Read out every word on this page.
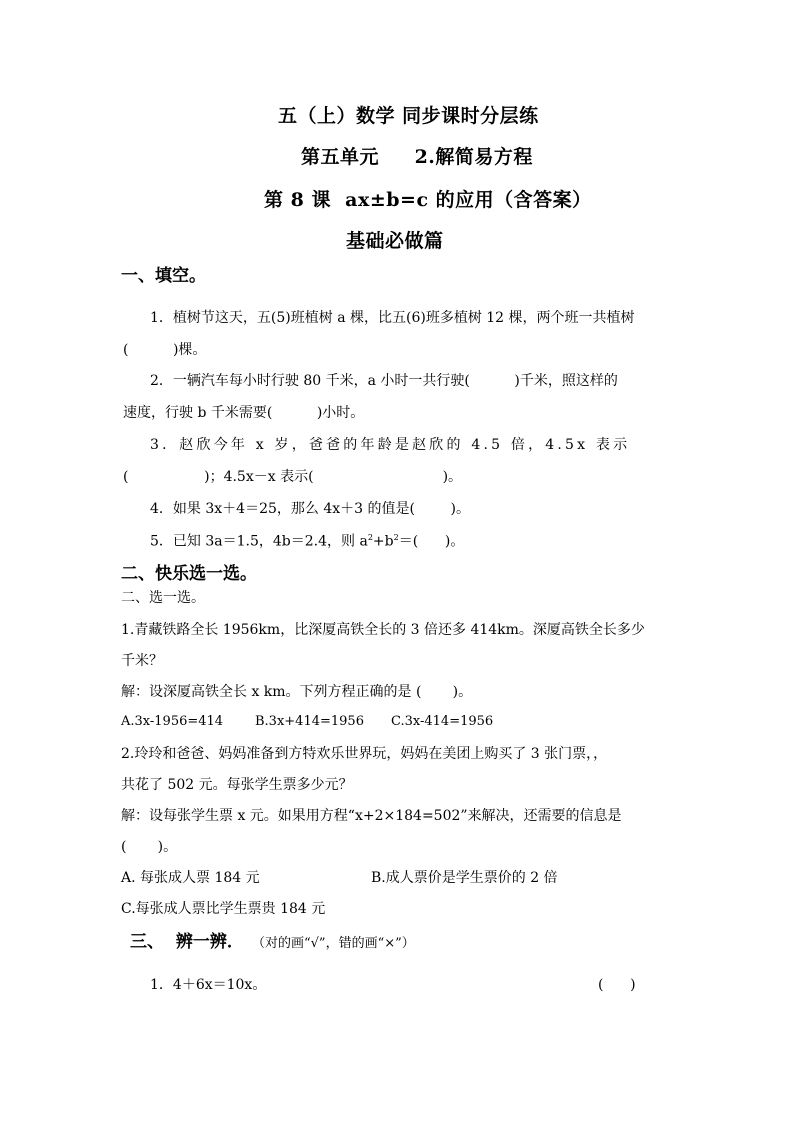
五（上）数学 同步课时分层练
第五单元     2.解简易方程
第 8 课  ax±b=c 的应用（含答案）
基础必做篇
一、填空。
1．植树节这天，五(5)班植树 a 棵，比五(6)班多植树 12 棵，两个班一共植树
(          )棵。
2．一辆汽车每小时行驶 80 千米，a 小时一共行驶(          )千米，照这样的
速度，行驶 b 千米需要(          )小时。
3．赵欣今年 x 岁，爸爸的年龄是赵欣的 4.5 倍，4.5x 表示
(                 )；4.5x－x 表示(                             )。
4．如果 3x＋4＝25，那么 4x＋3 的值是(        )。
5．已知 3a＝1.5，4b＝2.4，则 $a^2+b^2=$(      )。
二、快乐选一选。
二、选一选。
1.青藏铁路全长 1956km，比深厦高铁全长的 3 倍还多 414km。深厦高铁全长多少
千米？
解：设深厦高铁全长 x km。下列方程正确的是 (       )。
A.3x-1956=414 B.3x+414=1956 C.3x-414=1956
2.玲玲和爸爸、妈妈准备到方特欢乐世界玩，妈妈在美团上购买了 3 张门票，，
共花了 502 元。每张学生票多少元？
解：设每张学生票 x 元。如果用方程“x+2×184=502”来解决，还需要的信息是
(       )。
A. 每张成人票 184 元	B.成人票价是学生票价的 2 倍
C.每张成人票比学生票贵 184 元
三、  辨一辨． （对的画“√”，错的画“×”）
1．4＋6x＝10x。	(      )
